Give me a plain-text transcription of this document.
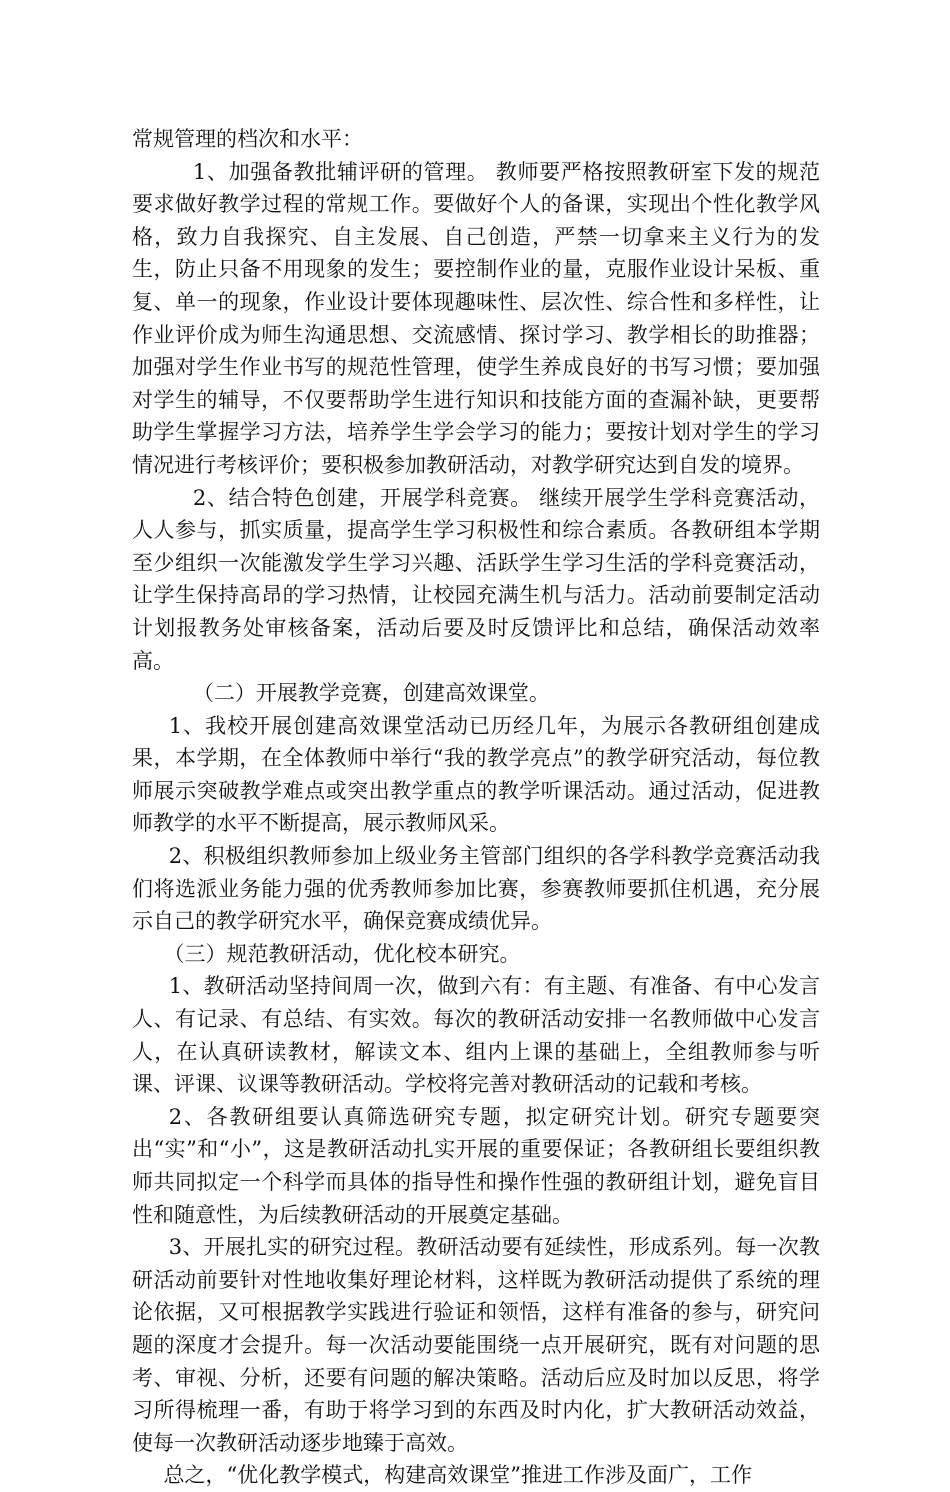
常规管理的档次和水平：

1、加强备教批辅评研的管理。 教师要严格按照教研室下发的规范要求做好教学过程的常规工作。要做好个人的备课，实现出个性化教学风格，致力自我探究、自主发展、自己创造，严禁一切拿来主义行为的发生，防止只备不用现象的发生；要控制作业的量，克服作业设计呆板、重复、单一的现象，作业设计要体现趣味性、层次性、综合性和多样性，让作业评价成为师生沟通思想、交流感情、探讨学习、教学相长的助推器；加强对学生作业书写的规范性管理，使学生养成良好的书写习惯；要加强对学生的辅导，不仅要帮助学生进行知识和技能方面的查漏补缺，更要帮助学生掌握学习方法，培养学生学会学习的能力；要按计划对学生的学习情况进行考核评价；要积极参加教研活动，对教学研究达到自发的境界。

2、结合特色创建，开展学科竞赛。 继续开展学生学科竞赛活动，人人参与，抓实质量，提高学生学习积极性和综合素质。各教研组本学期至少组织一次能激发学生学习兴趣、活跃学生学习生活的学科竞赛活动，让学生保持高昂的学习热情，让校园充满生机与活力。活动前要制定活动计划报教务处审核备案，活动后要及时反馈评比和总结，确保活动效率高。

（二）开展教学竞赛，创建高效课堂。

1、我校开展创建高效课堂活动已历经几年，为展示各教研组创建成果，本学期，在全体教师中举行“我的教学亮点”的教学研究活动，每位教师展示突破教学难点或突出教学重点的教学听课活动。通过活动，促进教师教学的水平不断提高，展示教师风采。

2、积极组织教师参加上级业务主管部门组织的各学科教学竞赛活动我们将选派业务能力强的优秀教师参加比赛，参赛教师要抓住机遇，充分展示自己的教学研究水平，确保竞赛成绩优异。

（三）规范教研活动，优化校本研究。

1、教研活动坚持间周一次，做到六有：有主题、有准备、有中心发言人、有记录、有总结、有实效。每次的教研活动安排一名教师做中心发言人，在认真研读教材，解读文本、组内上课的基础上，全组教师参与听课、评课、议课等教研活动。学校将完善对教研活动的记载和考核。

2、各教研组要认真筛选研究专题，拟定研究计划。研究专题要突出“实”和“小”，这是教研活动扎实开展的重要保证；各教研组长要组织教师共同拟定一个科学而具体的指导性和操作性强的教研组计划，避免盲目性和随意性，为后续教研活动的开展奠定基础。

3、开展扎实的研究过程。教研活动要有延续性，形成系列。每一次教研活动前要针对性地收集好理论材料，这样既为教研活动提供了系统的理论依据，又可根据教学实践进行验证和领悟，这样有准备的参与，研究问题的深度才会提升。每一次活动要能围绕一点开展研究，既有对问题的思考、审视、分析，还要有问题的解决策略。活动后应及时加以反思，将学习所得梳理一番，有助于将学习到的东西及时内化，扩大教研活动效益，使每一次教研活动逐步地臻于高效。

总之，“优化教学模式，构建高效课堂”推进工作涉及面广，工作
